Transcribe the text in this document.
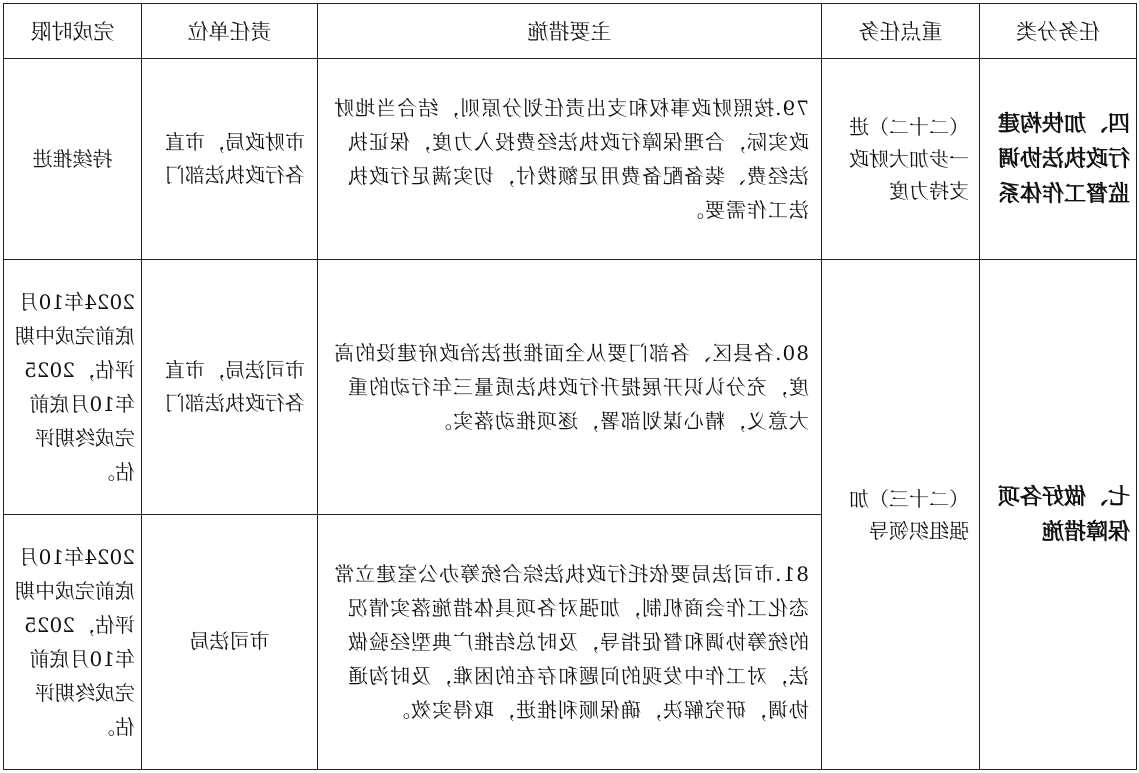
完成时限	责任单位	主要措施	重点任务	任务分类

持续推进	市财政局，市直各行政执法部门	79.按照财政事权和支出责任划分原则，结合当地财政实际，合理保障行政执法经费投入力度，保证执法经费、装备配备费用足额拨付，切实满足行政执法工作需要。	（二十二）进一步加大财政支持力度	四、加快构建行政执法协调监督工作体系

2024年10月底前完成中期评估，2025年10月底前完成终期评估。	市司法局，市直各行政执法部门	80.各县区、各部门要从全面推进法治政府建设的高度，充分认识开展提升行政执法质量三年行动的重大意义，精心谋划部署，逐项推动落实。	（二十三）加强组织领导	七、做好各项保障措施

2024年10月底前完成中期评估，2025年10月底前完成终期评估。	市司法局	81.市司法局要依托行政执法综合统筹办公室建立常态化工作会商机制，加强对各项具体措施落实情况的统筹协调和督促指导，及时总结推广典型经验做法，对工作中发现的问题和存在的困难，及时沟通协调，研究解决，确保顺利推进，取得实效。		
